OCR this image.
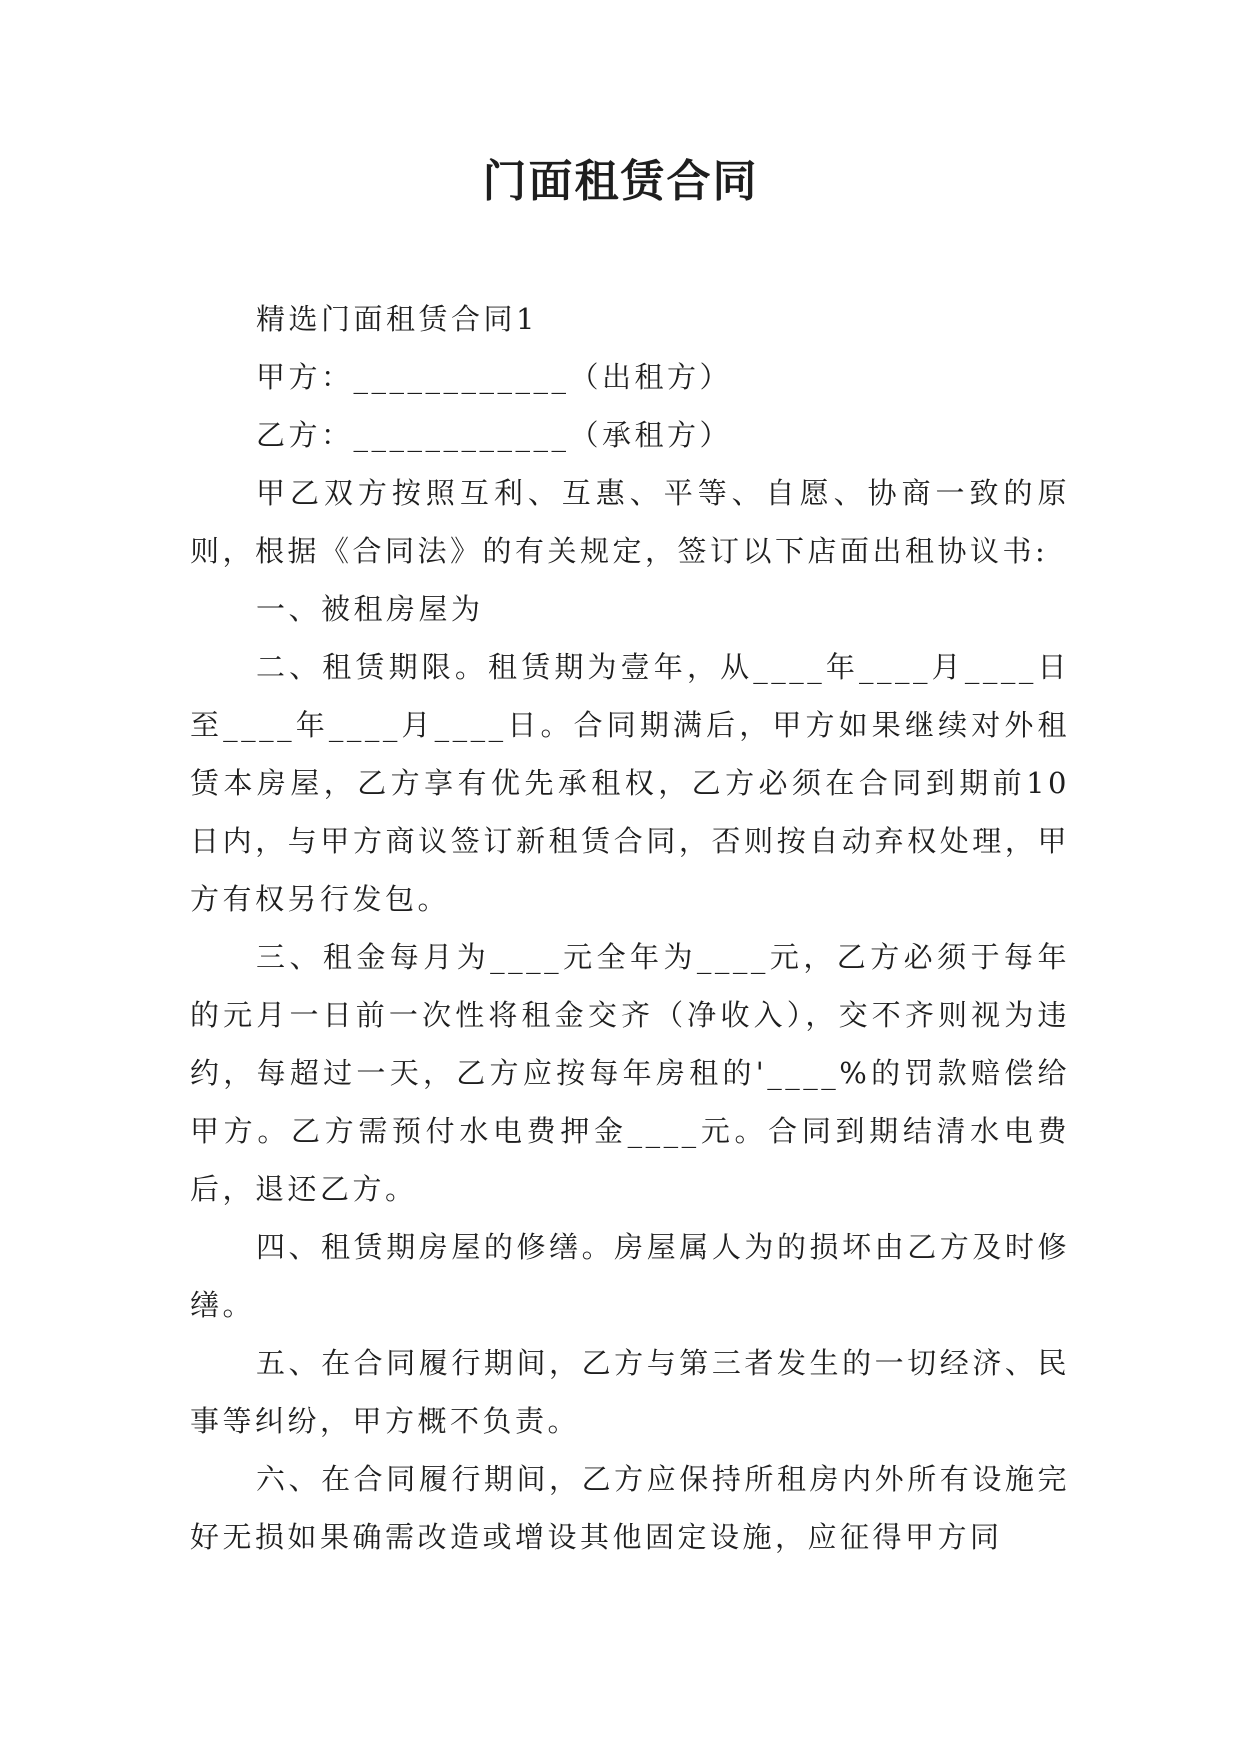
门面租赁合同

精选门面租赁合同1

甲方：____________（出租方）

乙方：____________（承租方）

甲乙双方按照互利、互惠、平等、自愿、协商一致的原则，根据《合同法》的有关规定，签订以下店面出租协议书:

一、被租房屋为

二、租赁期限。租赁期为壹年，从____年____月____日至____年____月____日。合同期满后，甲方如果继续对外租赁本房屋，乙方享有优先承租权，乙方必须在合同到期前10日内，与甲方商议签订新租赁合同，否则按自动弃权处理，甲方有权另行发包。

三、租金每月为____元全年为____元，乙方必须于每年的元月一日前一次性将租金交齐（净收入），交不齐则视为违约，每超过一天，乙方应按每年房租的'____%的罚款赔偿给甲方。乙方需预付水电费押金____元。合同到期结清水电费后，退还乙方。

四、租赁期房屋的修缮。房屋属人为的损坏由乙方及时修缮。

五、在合同履行期间，乙方与第三者发生的一切经济、民事等纠纷，甲方概不负责。

六、在合同履行期间，乙方应保持所租房内外所有设施完好无损如果确需改造或增设其他固定设施，应征得甲方同
